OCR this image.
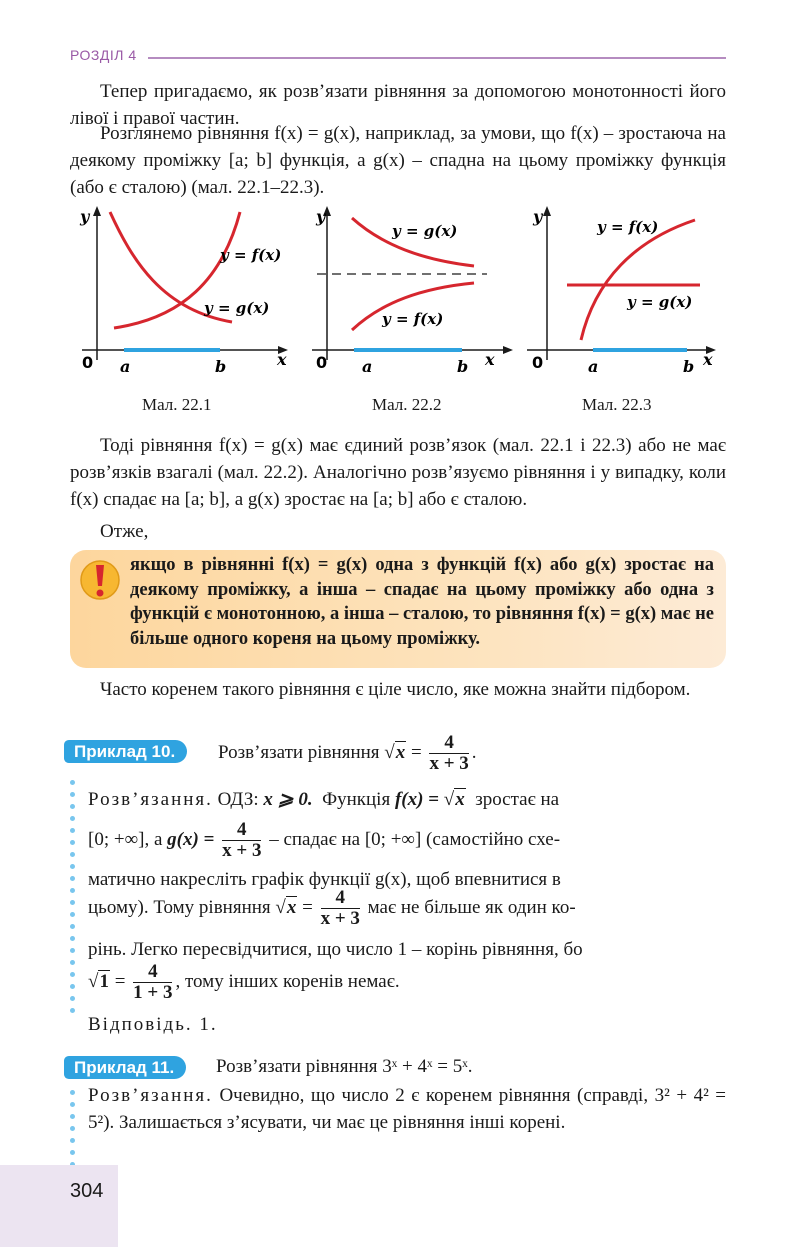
РОЗДІЛ 4
Тепер пригадаємо, як розв’язати рівняння за допомогою монотонності його лівої і правої частин.
Розглянемо рівняння f(x) = g(x), наприклад, за умови, що f(x) – зростаюча на деякому проміжку [a; b] функція, а g(x) – спадна на цьому проміжку функція (або є сталою) (мал. 22.1–22.3).
y
x
0 a	b
y = f(x)
y = g(x)
y
x
0 a	b
y = g(x)
y = f(x)
y
x
0	a	b
y = f(x)
y = g(x)
Мал. 22.1	Мал. 22.2	Мал. 22.3
Тоді рівняння f(x) = g(x) має єдиний розв’язок (мал. 22.1 і 22.3) або не має розв’язків взагалі (мал. 22.2). Аналогічно розв’язуємо рівняння і у випадку, коли f(x) спадає на [a; b], а g(x) зростає на [a; b] або є сталою.
Отже,
якщо в рівнянні f(x) = g(x) одна з функцій f(x) або g(x) зростає на деякому проміжку, а інша – спадає на цьому проміжку або одна з функцій є монотонною, а інша – сталою, то рівняння f(x) = g(x) має не більше одного кореня на цьому проміжку.
Часто коренем такого рівняння є ціле число, яке можна знайти підбором.
Приклад 10.	Розв’язати рівняння $√x = \frac{4}{x + 3}$ .
Розв’язання. ОДЗ: x ⩾ 0. Функція f(x) = √x зростає на
[0; +∞], а $g(x) = \frac{4}{x + 3}$ – спадає на [0; +∞] (самостійно схе-
матично накресліть графік функції g(x), щоб впевнитися в
цьому). Тому рівняння $√x = \frac{4}{x + 3}$ має не більше як один ко-
рінь. Легко пересвідчитися, що число 1 – корінь рівняння, бо
$√1 = \frac{4}{1 + 3}$ , тому інших коренів немає.
Відповідь. 1.
Приклад 11.	Розв’язати рівняння 3ˣ + 4ˣ = 5ˣ.
Розв’язання. Очевидно, що число 2 є коренем рівняння (справді, 3² + 4² = 5²). Залишається з’ясувати, чи має це рівняння інші корені.
304
